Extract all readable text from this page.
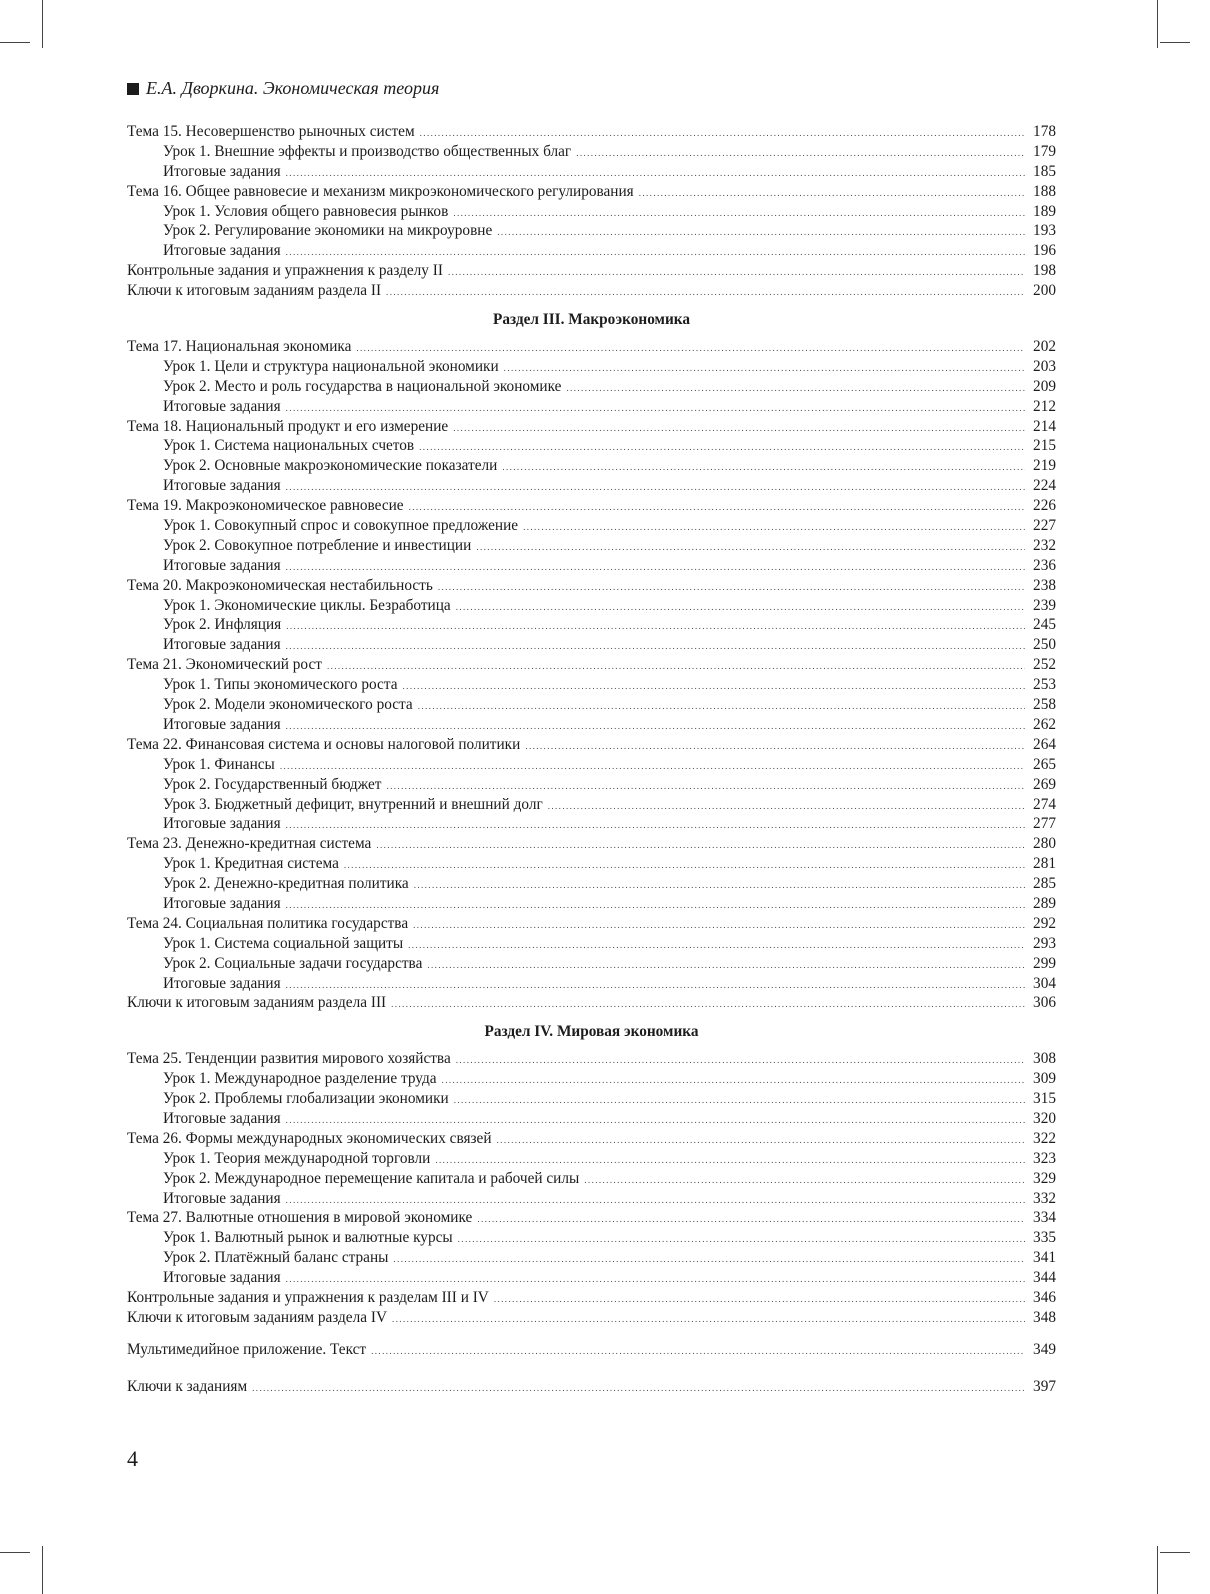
Е.А. Дворкина. Экономическая теория
Тема 15. Несовершенство рыночных систем .....	178
Урок 1. Внешние эффекты и производство общественных благ .....	179
Итоговые задания .....	185
Тема 16. Общее равновесие и механизм микроэкономического регулирования .....	188
Урок 1. Условия общего равновесия рынков .....	189
Урок 2. Регулирование экономики на микроуровне .....	193
Итоговые задания .....	196
Контрольные задания и упражнения к разделу II .....	198
Ключи к итоговым заданиям раздела II .....	200
Раздел III. Макроэкономика
Тема 17. Национальная экономика .....	202
Урок 1. Цели и структура национальной экономики .....	203
Урок 2. Место и роль государства в национальной экономике .....	209
Итоговые задания .....	212
Тема 18. Национальный продукт и его измерение .....	214
Урок 1. Система национальных счетов .....	215
Урок 2. Основные макроэкономические показатели .....	219
Итоговые задания .....	224
Тема 19. Макроэкономическое равновесие .....	226
Урок 1. Совокупный спрос и совокупное предложение .....	227
Урок 2. Совокупное потребление и инвестиции .....	232
Итоговые задания .....	236
Тема 20. Макроэкономическая нестабильность .....	238
Урок 1. Экономические циклы. Безработица .....	239
Урок 2. Инфляция .....	245
Итоговые задания .....	250
Тема 21. Экономический рост .....	252
Урок 1. Типы экономического роста .....	253
Урок 2. Модели экономического роста .....	258
Итоговые задания .....	262
Тема 22. Финансовая система и основы налоговой политики .....	264
Урок 1. Финансы .....	265
Урок 2. Государственный бюджет .....	269
Урок 3. Бюджетный дефицит, внутренний и внешний долг .....	274
Итоговые задания .....	277
Тема 23. Денежно-кредитная система .....	280
Урок 1. Кредитная система .....	281
Урок 2. Денежно-кредитная политика .....	285
Итоговые задания .....	289
Тема 24. Социальная политика государства .....	292
Урок 1. Система социальной защиты .....	293
Урок 2. Социальные задачи государства .....	299
Итоговые задания .....	304
Ключи к итоговым заданиям раздела III .....	306
Раздел IV. Мировая экономика
Тема 25. Тенденции развития мирового хозяйства .....	308
Урок 1. Международное разделение труда .....	309
Урок 2. Проблемы глобализации экономики .....	315
Итоговые задания .....	320
Тема 26. Формы международных экономических связей .....	322
Урок 1. Теория международной торговли .....	323
Урок 2. Международное перемещение капитала и рабочей силы .....	329
Итоговые задания .....	332
Тема 27. Валютные отношения в мировой экономике .....	334
Урок 1. Валютный рынок и валютные курсы .....	335
Урок 2. Платёжный баланс страны .....	341
Итоговые задания .....	344
Контрольные задания и упражнения к разделам III и IV .....	346
Ключи к итоговым заданиям раздела IV .....	348
Мультимедийное приложение. Текст .....	349
Ключи к заданиям .....	397
4
